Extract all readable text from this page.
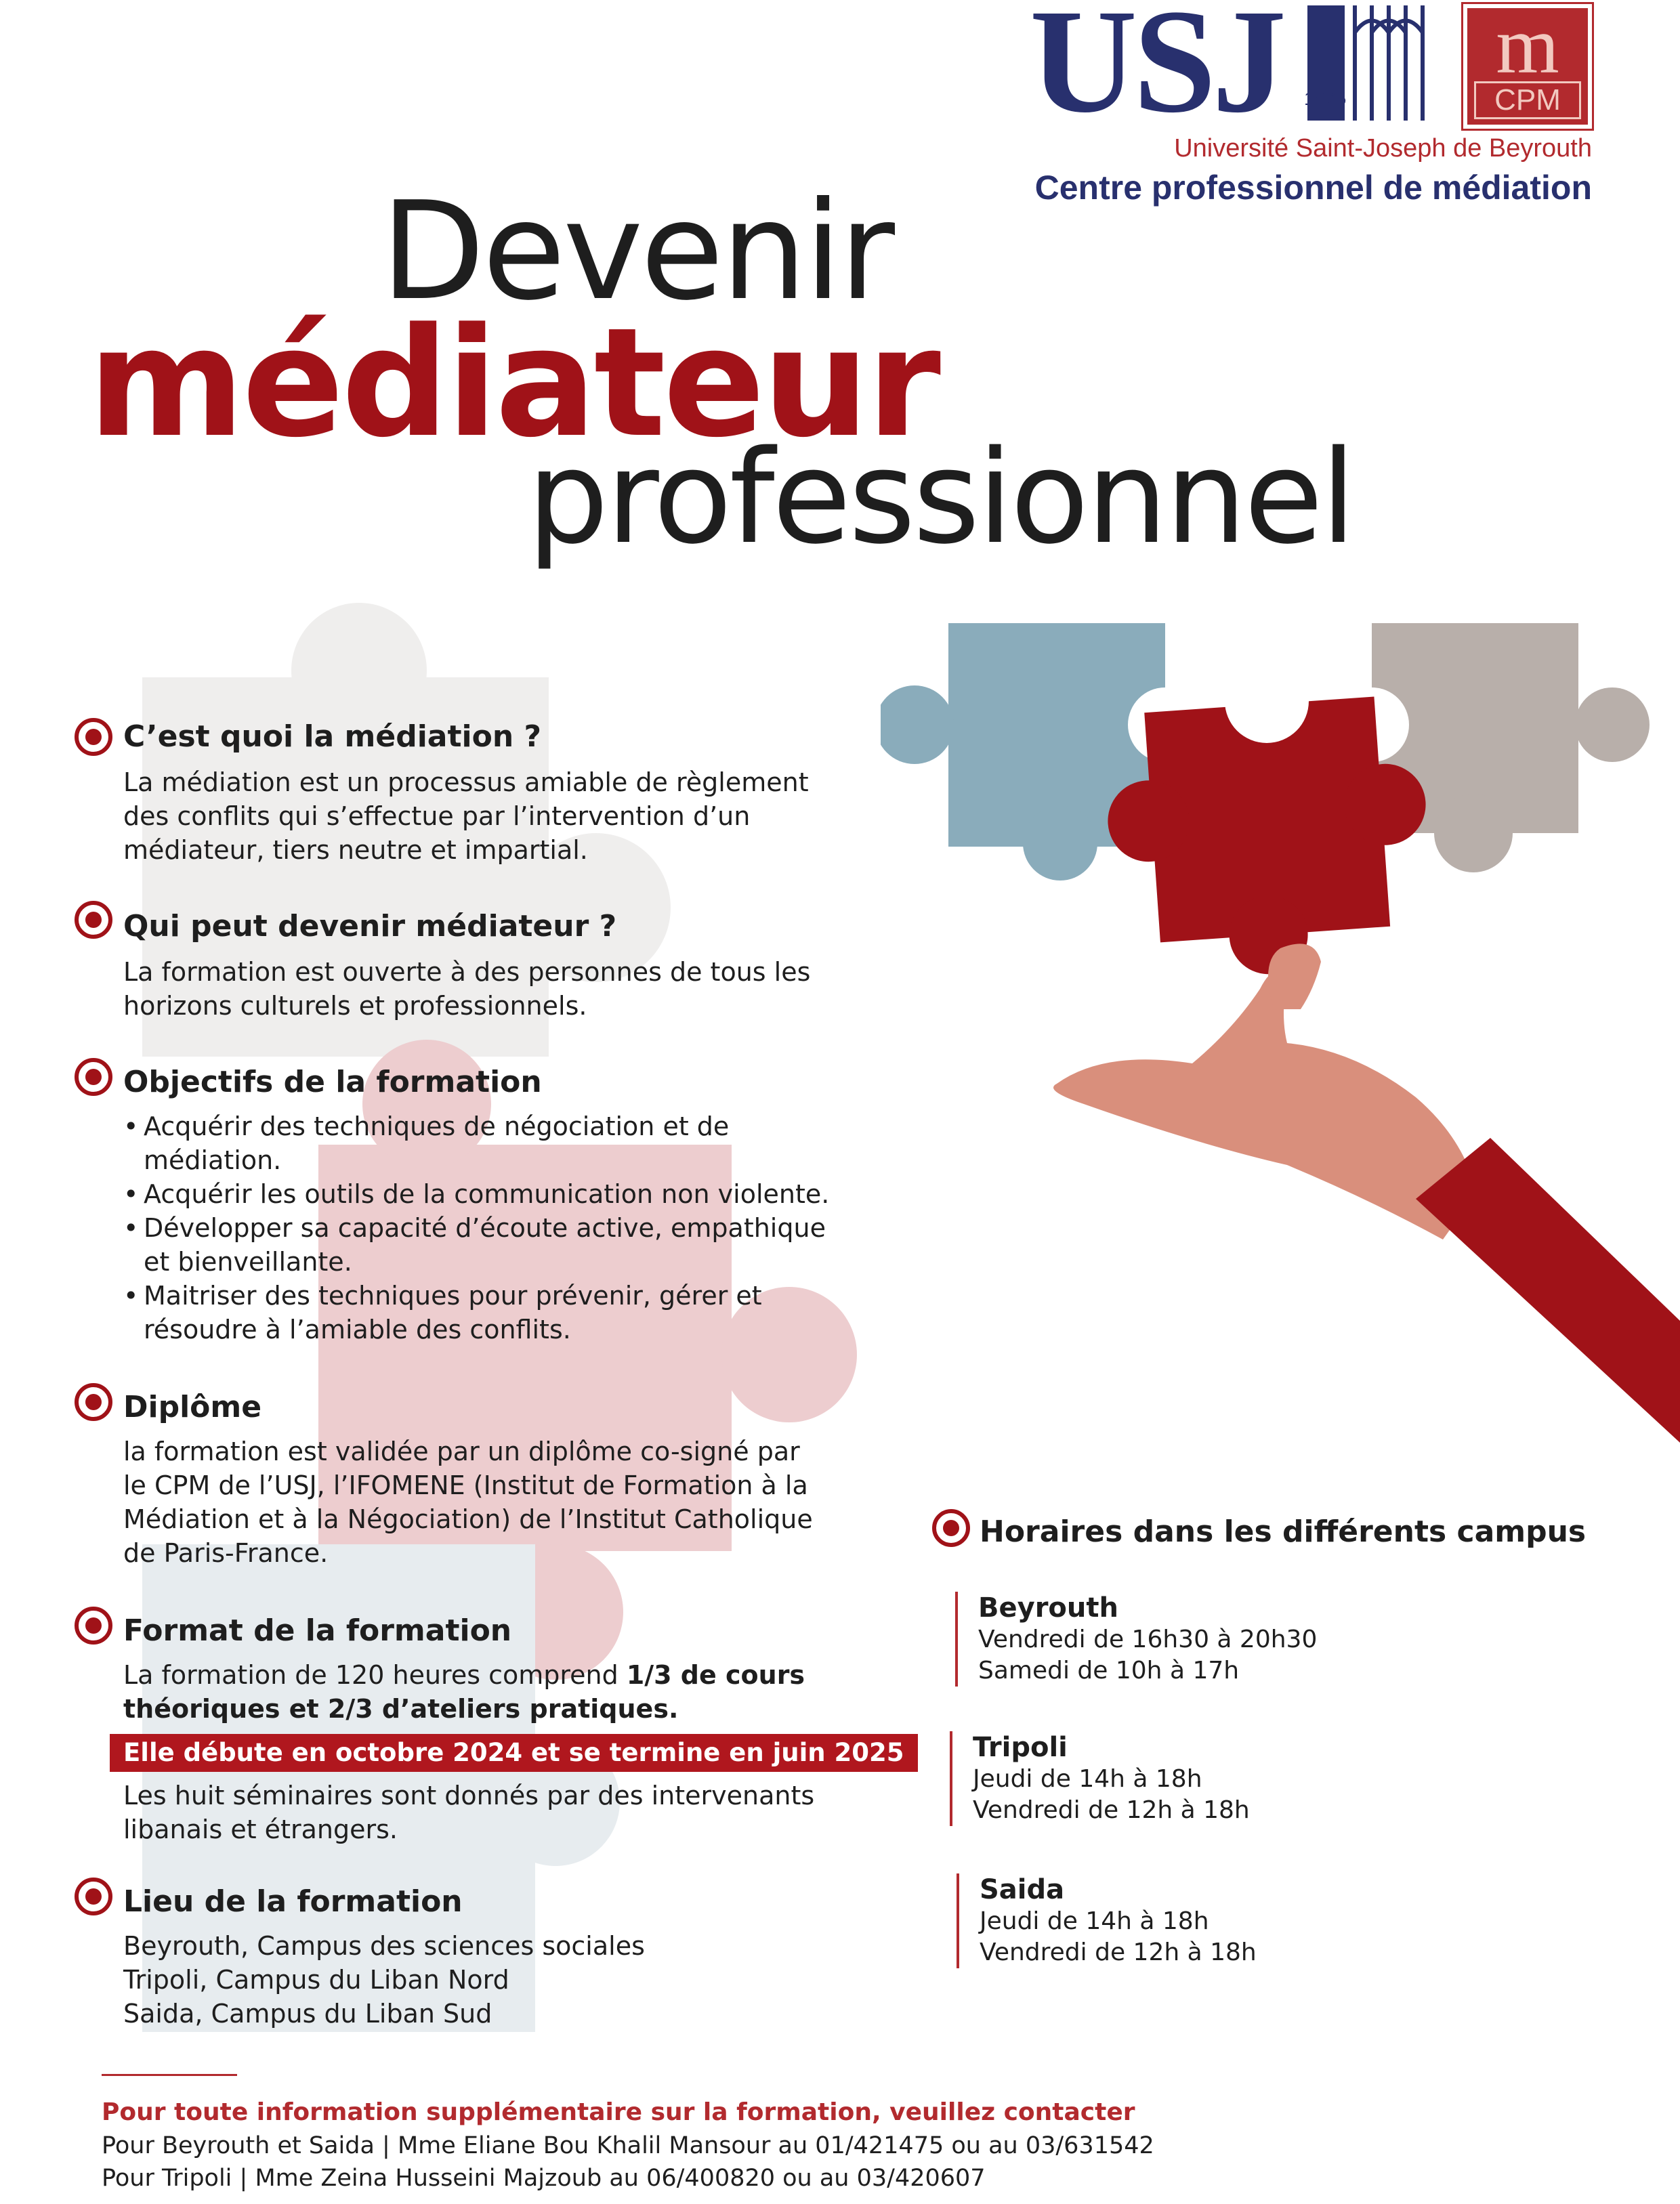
USJ 1875
m
CPM
Université Saint-Joseph de Beyrouth
Centre professionnel de médiation
Devenir
médiateur
professionnel
C’est quoi la médiation ?
La médiation est un processus amiable de règlement
des conflits qui s’effectue par l’intervention d’un
médiateur, tiers neutre et impartial.
Qui peut devenir médiateur ?
La formation est ouverte à des personnes de tous les
horizons culturels et professionnels.
Objectifs de la formation
• Acquérir des techniques de négociation et de
médiation.
• Acquérir les outils de la communication non violente.
• Développer sa capacité d’écoute active, empathique
et bienveillante.
• Maitriser des techniques pour prévenir, gérer et
résoudre à l’amiable des conflits.
Diplôme
la formation est validée par un diplôme co-signé par
le CPM de l’USJ, l’IFOMENE (Institut de Formation à la
Médiation et à la Négociation) de l’Institut Catholique
de Paris-France.
Format de la formation
La formation de 120 heures comprend 1/3 de cours
théoriques et 2/3 d’ateliers pratiques.
Elle débute en octobre 2024 et se termine en juin 2025
Les huit séminaires sont donnés par des intervenants
libanais et étrangers.
Lieu de la formation
Beyrouth, Campus des sciences sociales
Tripoli, Campus du Liban Nord
Saida, Campus du Liban Sud
Horaires dans les différents campus
Beyrouth
Vendredi de 16h30 à 20h30
Samedi de 10h à 17h
Tripoli
Jeudi de 14h à 18h
Vendredi de 12h à 18h
Saida
Jeudi de 14h à 18h
Vendredi de 12h à 18h
Pour toute information supplémentaire sur la formation, veuillez contacter
Pour Beyrouth et Saida | Mme Eliane Bou Khalil Mansour au 01/421475 ou au 03/631542
Pour Tripoli | Mme Zeina Husseini Majzoub au 06/400820 ou au 03/420607
